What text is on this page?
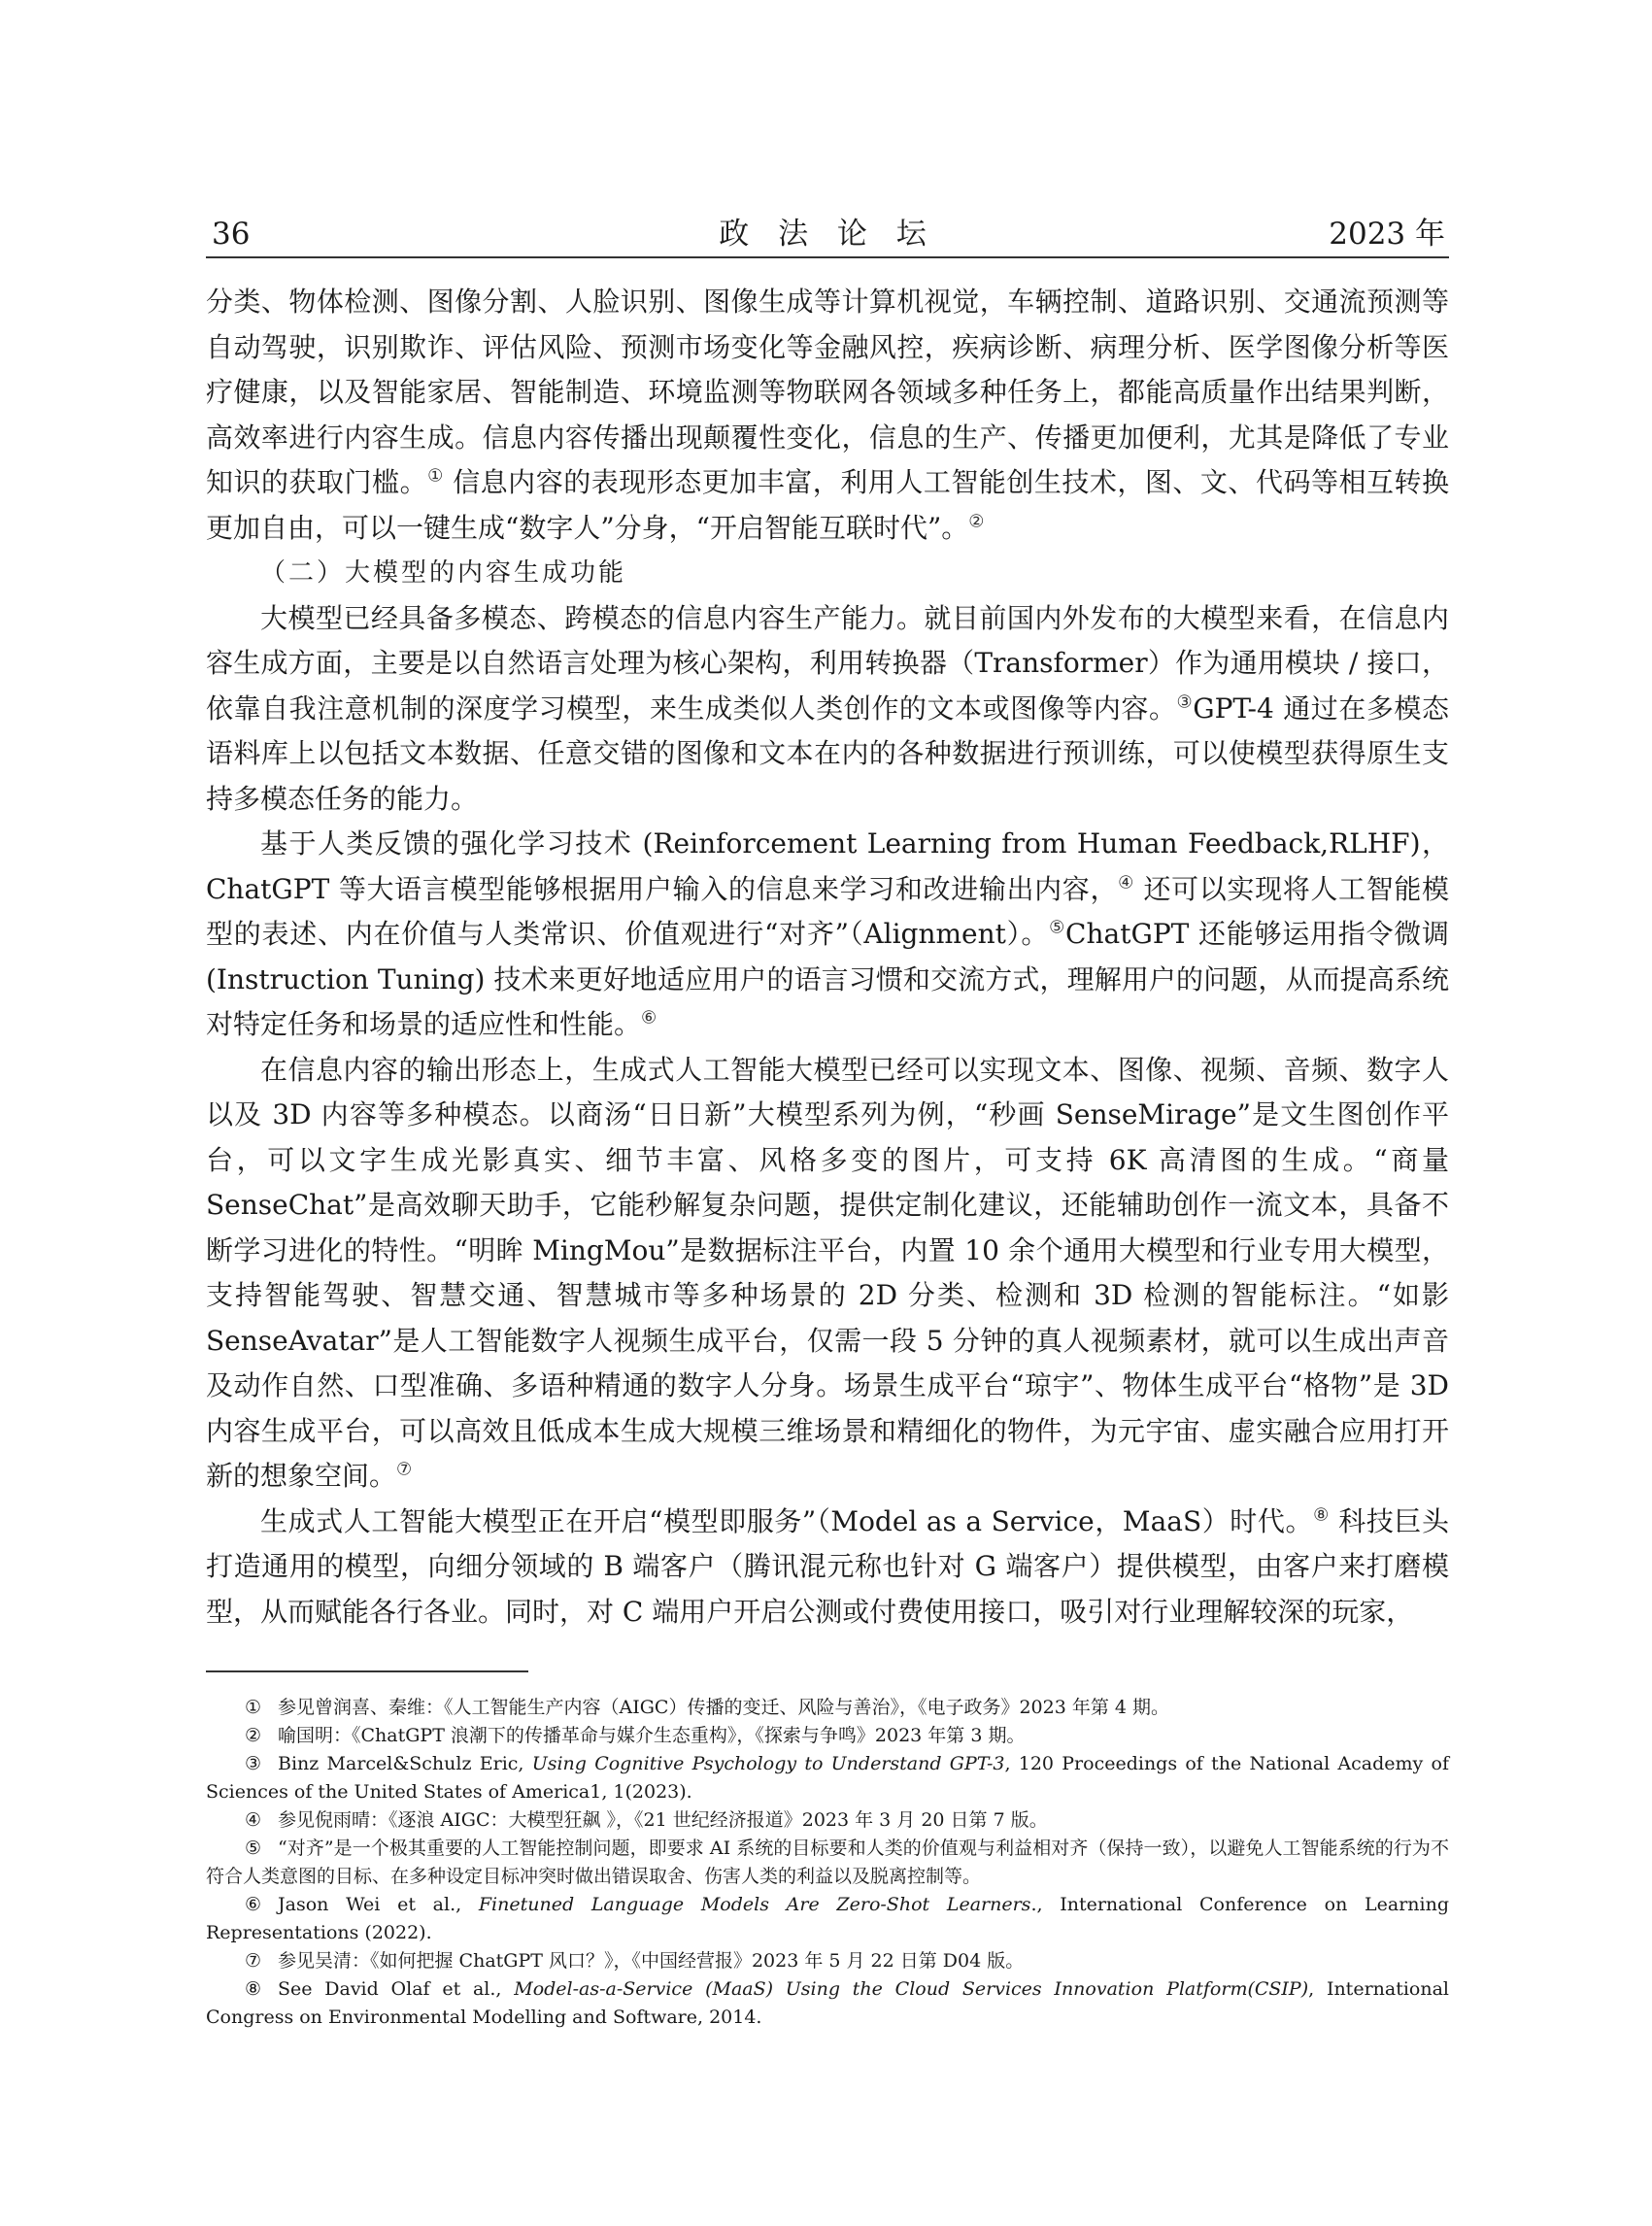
36	政 法 论 坛	2023 年

分类、物体检测、图像分割、人脸识别、图像生成等计算机视觉，车辆控制、道路识别、交通流预测等自动驾驶，识别欺诈、评估风险、预测市场变化等金融风控，疾病诊断、病理分析、医学图像分析等医疗健康，以及智能家居、智能制造、环境监测等物联网各领域多种任务上，都能高质量作出结果判断，高效率进行内容生成。信息内容传播出现颠覆性变化，信息的生产、传播更加便利，尤其是降低了专业知识的获取门槛。① 信息内容的表现形态更加丰富，利用人工智能创生技术，图、文、代码等相互转换更加自由，可以一键生成“数字人”分身，“开启智能互联时代”。②

（二）大模型的内容生成功能

大模型已经具备多模态、跨模态的信息内容生产能力。就目前国内外发布的大模型来看，在信息内容生成方面，主要是以自然语言处理为核心架构，利用转换器（Transformer）作为通用模块 / 接口，依靠自我注意机制的深度学习模型，来生成类似人类创作的文本或图像等内容。③GPT-4 通过在多模态语料库上以包括文本数据、任意交错的图像和文本在内的各种数据进行预训练，可以使模型获得原生支持多模态任务的能力。

基于人类反馈的强化学习技术 (Reinforcement Learning from Human Feedback,RLHF)，ChatGPT 等大语言模型能够根据用户输入的信息来学习和改进输出内容，④ 还可以实现将人工智能模型的表述、内在价值与人类常识、价值观进行“对齐”（Alignment）。⑤ChatGPT 还能够运用指令微调 (Instruction Tuning) 技术来更好地适应用户的语言习惯和交流方式，理解用户的问题，从而提高系统对特定任务和场景的适应性和性能。⑥

在信息内容的输出形态上，生成式人工智能大模型已经可以实现文本、图像、视频、音频、数字人以及 3D 内容等多种模态。以商汤“日日新”大模型系列为例，“秒画 SenseMirage”是文生图创作平台，可以文字生成光影真实、细节丰富、风格多变的图片，可支持 6K 高清图的生成。“商量 SenseChat”是高效聊天助手，它能秒解复杂问题，提供定制化建议，还能辅助创作一流文本，具备不断学习进化的特性。“明眸 MingMou”是数据标注平台，内置 10 余个通用大模型和行业专用大模型，支持智能驾驶、智慧交通、智慧城市等多种场景的 2D 分类、检测和 3D 检测的智能标注。“如影 SenseAvatar”是人工智能数字人视频生成平台，仅需一段 5 分钟的真人视频素材，就可以生成出声音及动作自然、口型准确、多语种精通的数字人分身。场景生成平台“琼宇”、物体生成平台“格物”是 3D 内容生成平台，可以高效且低成本生成大规模三维场景和精细化的物件，为元宇宙、虚实融合应用打开新的想象空间。⑦

生成式人工智能大模型正在开启“模型即服务”（Model as a Service，MaaS）时代。⑧ 科技巨头打造通用的模型，向细分领域的 B 端客户（腾讯混元称也针对 G 端客户）提供模型，由客户来打磨模型，从而赋能各行各业。同时，对 C 端用户开启公测或付费使用接口，吸引对行业理解较深的玩家，

① 参见曾润喜、秦维：《人工智能生产内容（AIGC）传播的变迁、风险与善治》，《电子政务》2023 年第 4 期。

② 喻国明：《ChatGPT 浪潮下的传播革命与媒介生态重构》，《探索与争鸣》2023 年第 3 期。

③ Binz Marcel&Schulz Eric, Using Cognitive Psychology to Understand GPT-3, 120 Proceedings of the National Academy of Sciences of the United States of America1, 1(2023).

④ 参见倪雨晴：《逐浪 AIGC：大模型狂飙 》，《21 世纪经济报道》2023 年 3 月 20 日第 7 版。

⑤ “对齐”是一个极其重要的人工智能控制问题，即要求 AI 系统的目标要和人类的价值观与利益相对齐（保持一致），以避免人工智能系统的行为不符合人类意图的目标、在多种设定目标冲突时做出错误取舍、伤害人类的利益以及脱离控制等。

⑥ Jason Wei et al., Finetuned Language Models Are Zero-Shot Learners., International Conference on Learning Representations (2022).

⑦ 参见吴清：《如何把握 ChatGPT 风口？》，《中国经营报》2023 年 5 月 22 日第 D04 版。

⑧ See David Olaf et al., Model-as-a-Service (MaaS) Using the Cloud Services Innovation Platform(CSIP), International Congress on Environmental Modelling and Software, 2014.
